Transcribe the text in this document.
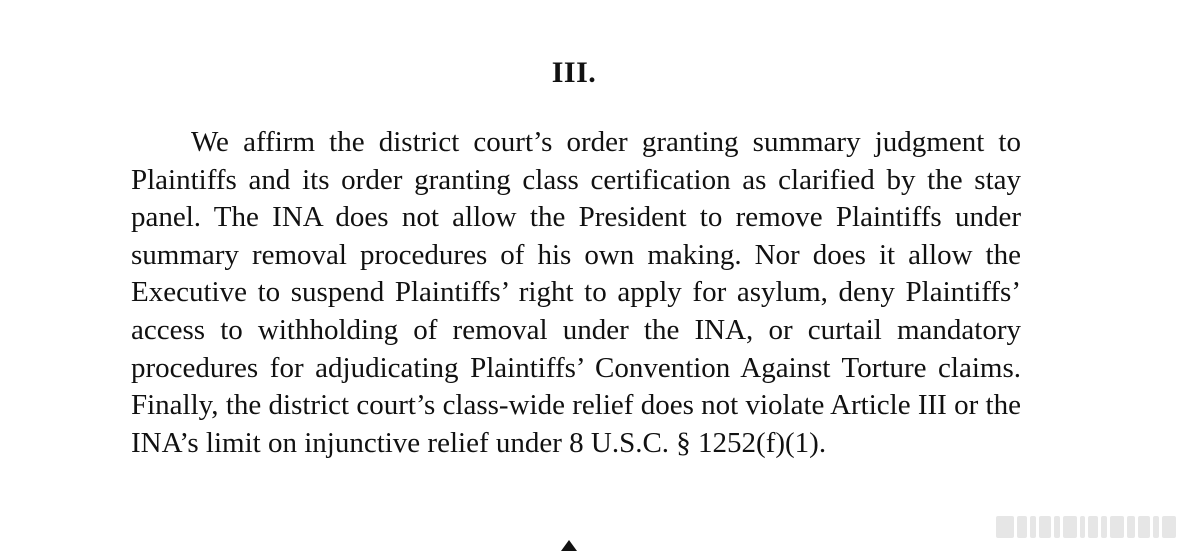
III.

We affirm the district court’s order granting summary judgment to Plaintiffs and its order granting class certification as clarified by the stay panel. The INA does not allow the President to remove Plaintiffs under summary removal procedures of his own making. Nor does it allow the Executive to suspend Plaintiffs’ right to apply for asylum, deny Plaintiffs’ access to withholding of removal under the INA, or curtail mandatory procedures for adjudicating Plaintiffs’ Convention Against Torture claims. Finally, the district court’s class-wide relief does not violate Article III or the INA’s limit on injunctive relief under 8 U.S.C. § 1252(f)(1).
